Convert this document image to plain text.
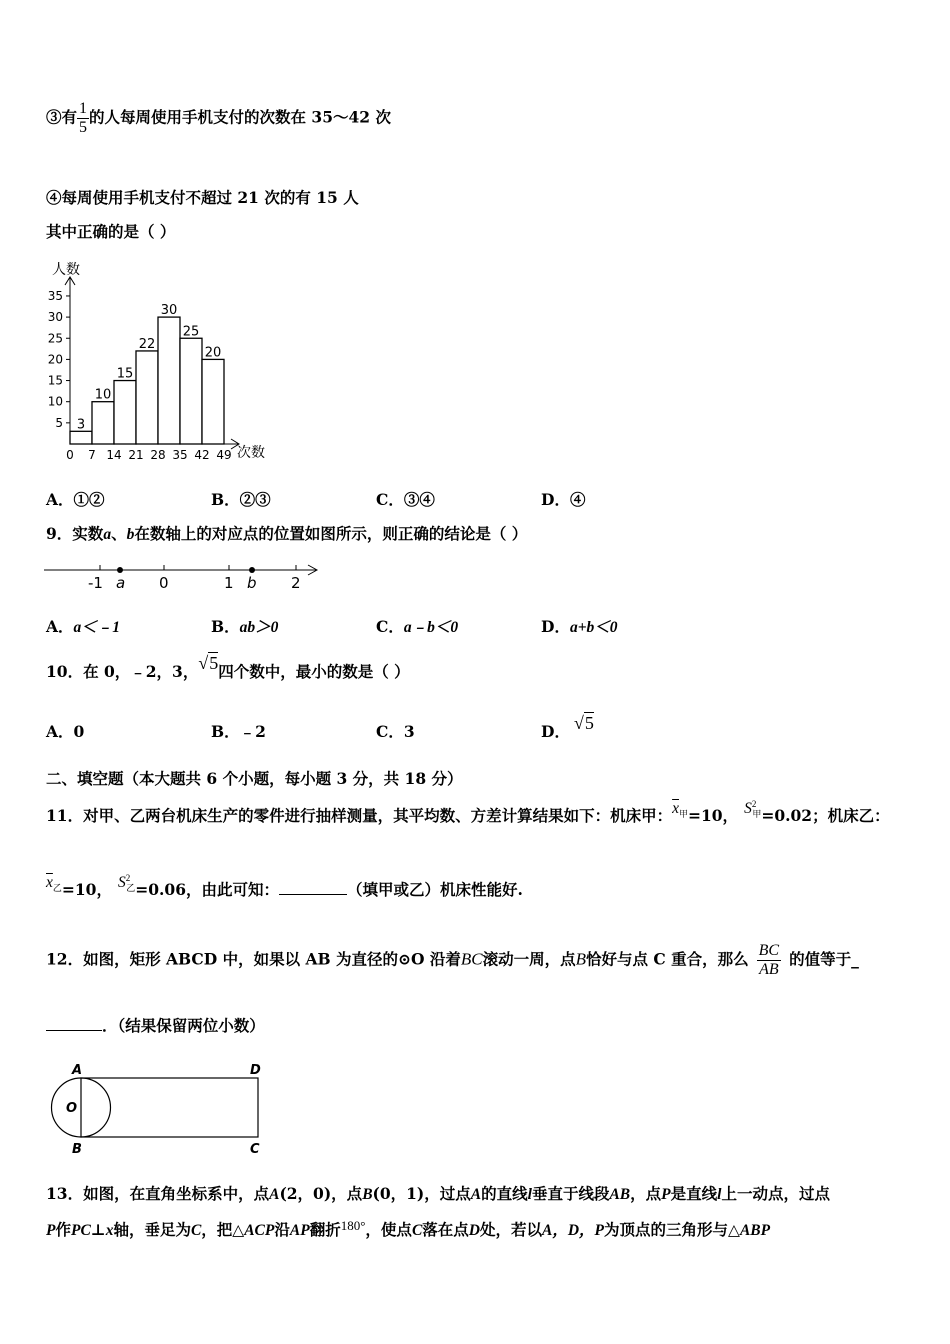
③有 $\frac{1}{5}$ 的人每周使用手机支付的次数在 35～42 次
④每周使用手机支付不超过 21 次的有 15 人
其中正确的是（ ）
5
10
15
20
25
30
35
0 7 14 21 28 35 42 49
3
10
15
22
30
25
20
人数
次数
A．①②	B．②③	C．③④	D．④
9．实数a、b在数轴上的对应点的位置如图所示，则正确的结论是（ ）
-1	0	1	2
a	b
A．a＜﹣1	B．ab＞0	C．a﹣b＜0	D．a+b＜0
10．在 0，﹣2，3，√5四个数中，最小的数是（ ）
A．0	B．﹣2	C．3	D． √5
二、填空题（本大题共 6 个小题，每小题 3 分，共 18 分）
11．对甲、乙两台机床生产的零件进行抽样测量，其平均数、方差计算结果如下：机床甲：$\overline{x}_甲=10$， $S^2_甲=0.02$；机床乙：
$\overline{x}_乙=10$， $S^2_乙=0.06$，由此可知：	（填甲或乙）机床性能好.
12．如图，矩形 ABCD 中，如果以 AB 为直径的⊙O 沿着BC滚动一周，点B恰好与点 C 重合，那么 $\frac{BC}{AB}$ 的值等于_
．（结果保留两位小数）
A
B	C
D
O
13．如图，在直角坐标系中，点A(2，0)，点B(0，1)，过点A的直线l垂直于线段AB，点P是直线l上一动点，过点
P作PC⊥x轴，垂足为C，把△ACP沿AP翻折$^{180^\circ}$，使点C落在点D处，若以A，D，P为顶点的三角形与△ABP
